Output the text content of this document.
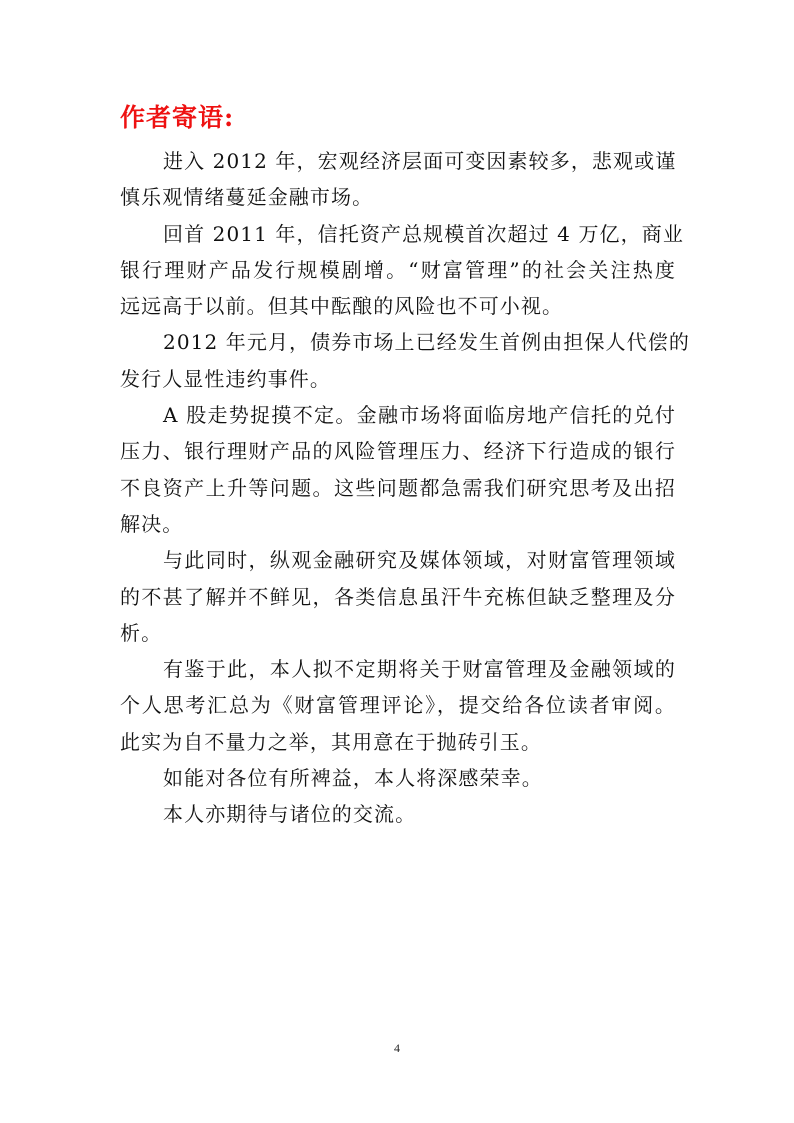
作者寄语:
进入 2012 年，宏观经济层面可变因素较多，悲观或谨
慎乐观情绪蔓延金融市场。
回首 2011 年，信托资产总规模首次超过 4 万亿，商业
银行理财产品发行规模剧增。“财富管理”的社会关注热度
远远高于以前。但其中酝酿的风险也不可小视。
2012 年元月，债券市场上已经发生首例由担保人代偿的
发行人显性违约事件。
A 股走势捉摸不定。金融市场将面临房地产信托的兑付
压力、银行理财产品的风险管理压力、经济下行造成的银行
不良资产上升等问题。这些问题都急需我们研究思考及出招
解决。
与此同时，纵观金融研究及媒体领域，对财富管理领域
的不甚了解并不鲜见，各类信息虽汗牛充栋但缺乏整理及分
析。
有鉴于此，本人拟不定期将关于财富管理及金融领域的
个人思考汇总为《财富管理评论》，提交给各位读者审阅。
此实为自不量力之举，其用意在于抛砖引玉。
如能对各位有所裨益，本人将深感荣幸。
本人亦期待与诸位的交流。
4
